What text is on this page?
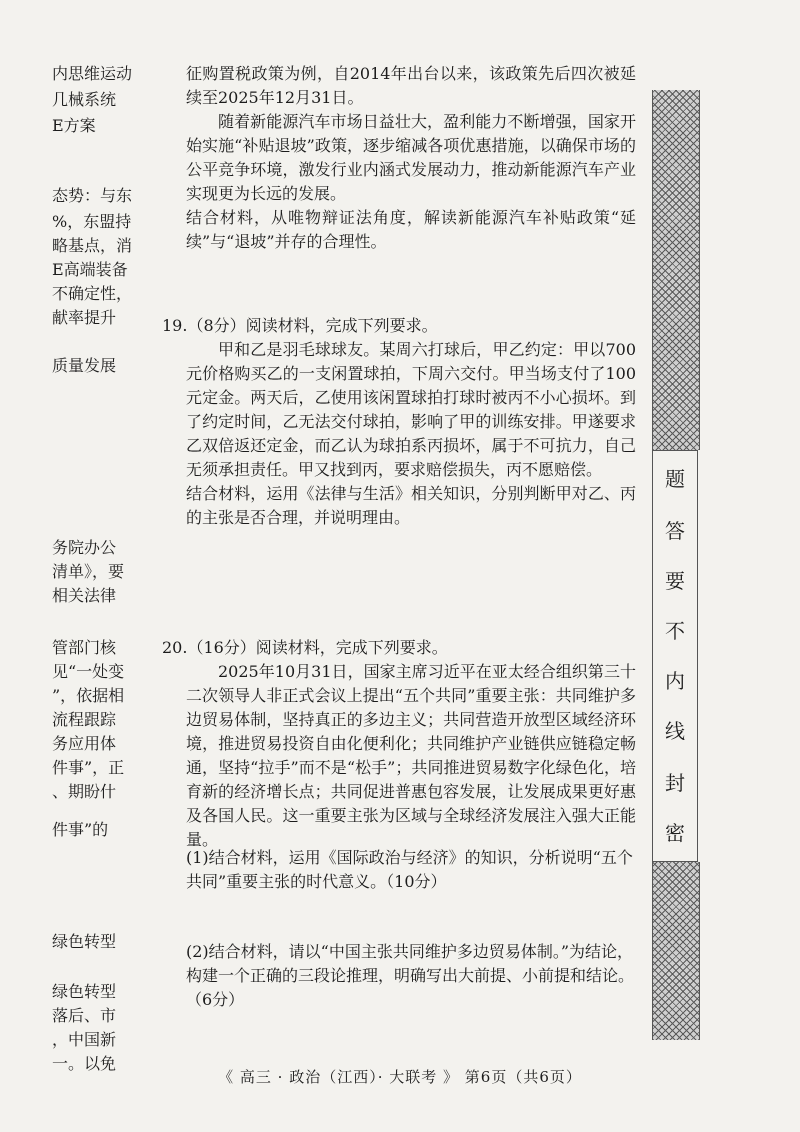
内思维运动
几械系统
E方案
态势：与东
%，东盟持
略基点，消
E高端装备
不确定性，
献率提升
质量发展
务院办公
清单》，要
相关法律
管部门核
见“一处变
”，依据相
流程跟踪
务应用体
件事”，正
、期盼什
件事”的
绿色转型
绿色转型
落后、市
，中国新
一。以免

征购置税政策为例，自2014年出台以来，该政策先后四次被延续至2025年12月31日。

随着新能源汽车市场日益壮大，盈利能力不断增强，国家开始实施“补贴退坡”政策，逐步缩减各项优惠措施，以确保市场的公平竞争环境，激发行业内涵式发展动力，推动新能源汽车产业实现更为长远的发展。

结合材料，从唯物辩证法角度，解读新能源汽车补贴政策“延续”与“退坡”并存的合理性。

19.（8分）阅读材料，完成下列要求。

甲和乙是羽毛球球友。某周六打球后，甲乙约定：甲以700元价格购买乙的一支闲置球拍，下周六交付。甲当场支付了100元定金。两天后，乙使用该闲置球拍打球时被丙不小心损坏。到了约定时间，乙无法交付球拍，影响了甲的训练安排。甲遂要求乙双倍返还定金，而乙认为球拍系丙损坏，属于不可抗力，自己无须承担责任。甲又找到丙，要求赔偿损失，丙不愿赔偿。

结合材料，运用《法律与生活》相关知识，分别判断甲对乙、丙的主张是否合理，并说明理由。

20.（16分）阅读材料，完成下列要求。

2025年10月31日，国家主席习近平在亚太经合组织第三十二次领导人非正式会议上提出“五个共同”重要主张：共同维护多边贸易体制，坚持真正的多边主义；共同营造开放型区域经济环境，推进贸易投资自由化便利化；共同维护产业链供应链稳定畅通，坚持“拉手”而不是“松手”；共同推进贸易数字化绿色化，培育新的经济增长点；共同促进普惠包容发展，让发展成果更好惠及各国人民。这一重要主张为区域与全球经济发展注入强大正能量。

(1)结合材料，运用《国际政治与经济》的知识，分析说明“五个共同”重要主张的时代意义。（10分）
(2)结合材料，请以“中国主张共同维护多边贸易体制。”为结论，构建一个正确的三段论推理，明确写出大前提、小前提和结论。（6分）
密
封
线
内
不
要
答
题
《 高三 · 政治（江西）· 大联考 》 第6页（共6页）
